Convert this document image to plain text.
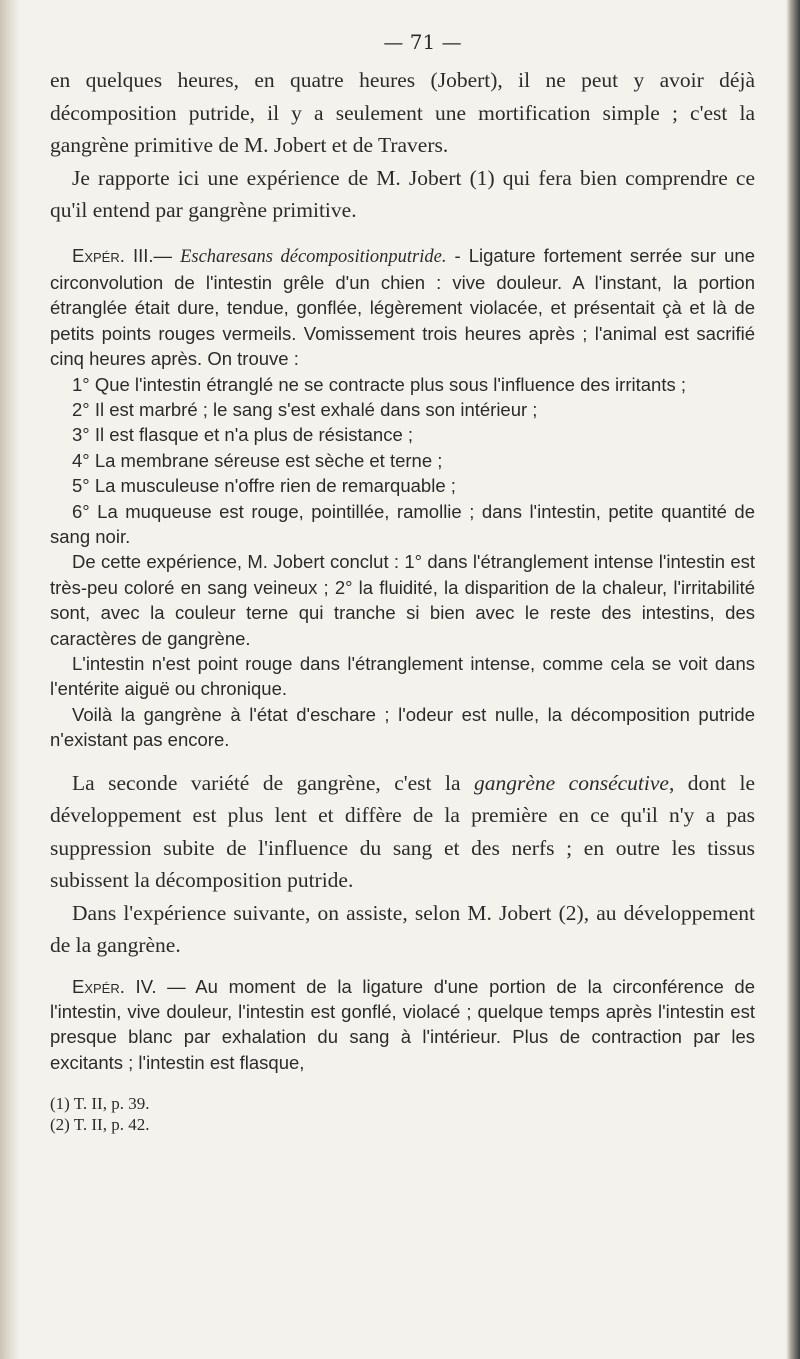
— 71 —

en quelques heures, en quatre heures (Jobert), il ne peut y avoir déjà décomposition putride, il y a seulement une mortification simple ; c'est la gangrène primitive de M. Jobert et de Travers.

Je rapporte ici une expérience de M. Jobert (1) qui fera bien comprendre ce qu'il entend par gangrène primitive.

Expér. III.— Escharesans décompositionputride. - Ligature fortement serrée sur une circonvolution de l'intestin grêle d'un chien : vive douleur. A l'instant, la portion étranglée était dure, tendue, gonflée, légèrement violacée, et présentait çà et là de petits points rouges vermeils. Vomissement trois heures après ; l'animal est sacrifié cinq heures après. On trouve :

1° Que l'intestin étranglé ne se contracte plus sous l'influence des irritants ;

2° Il est marbré ; le sang s'est exhalé dans son intérieur ;

3° Il est flasque et n'a plus de résistance ;

4° La membrane séreuse est sèche et terne ;

5° La musculeuse n'offre rien de remarquable ;

6° La muqueuse est rouge, pointillée, ramollie ; dans l'intestin, petite quantité de sang noir.

De cette expérience, M. Jobert conclut : 1° dans l'étranglement intense l'intestin est très-peu coloré en sang veineux ; 2° la fluidité, la disparition de la chaleur, l'irritabilité sont, avec la couleur terne qui tranche si bien avec le reste des intestins, des caractères de gangrène.

L'intestin n'est point rouge dans l'étranglement intense, comme cela se voit dans l'entérite aiguë ou chronique.

Voilà la gangrène à l'état d'eschare ; l'odeur est nulle, la décomposition putride n'existant pas encore.

La seconde variété de gangrène, c'est la gangrène consécutive, dont le développement est plus lent et diffère de la première en ce qu'il n'y a pas suppression subite de l'influence du sang et des nerfs ; en outre les tissus subissent la décomposition putride.

Dans l'expérience suivante, on assiste, selon M. Jobert (2), au développement de la gangrène.

Expér. IV. — Au moment de la ligature d'une portion de la circonférence de l'intestin, vive douleur, l'intestin est gonflé, violacé ; quelque temps après l'intestin est presque blanc par exhalation du sang à l'intérieur. Plus de contraction par les excitants ; l'intestin est flasque,

(1) T. II, p. 39.

(2) T. II, p. 42.
